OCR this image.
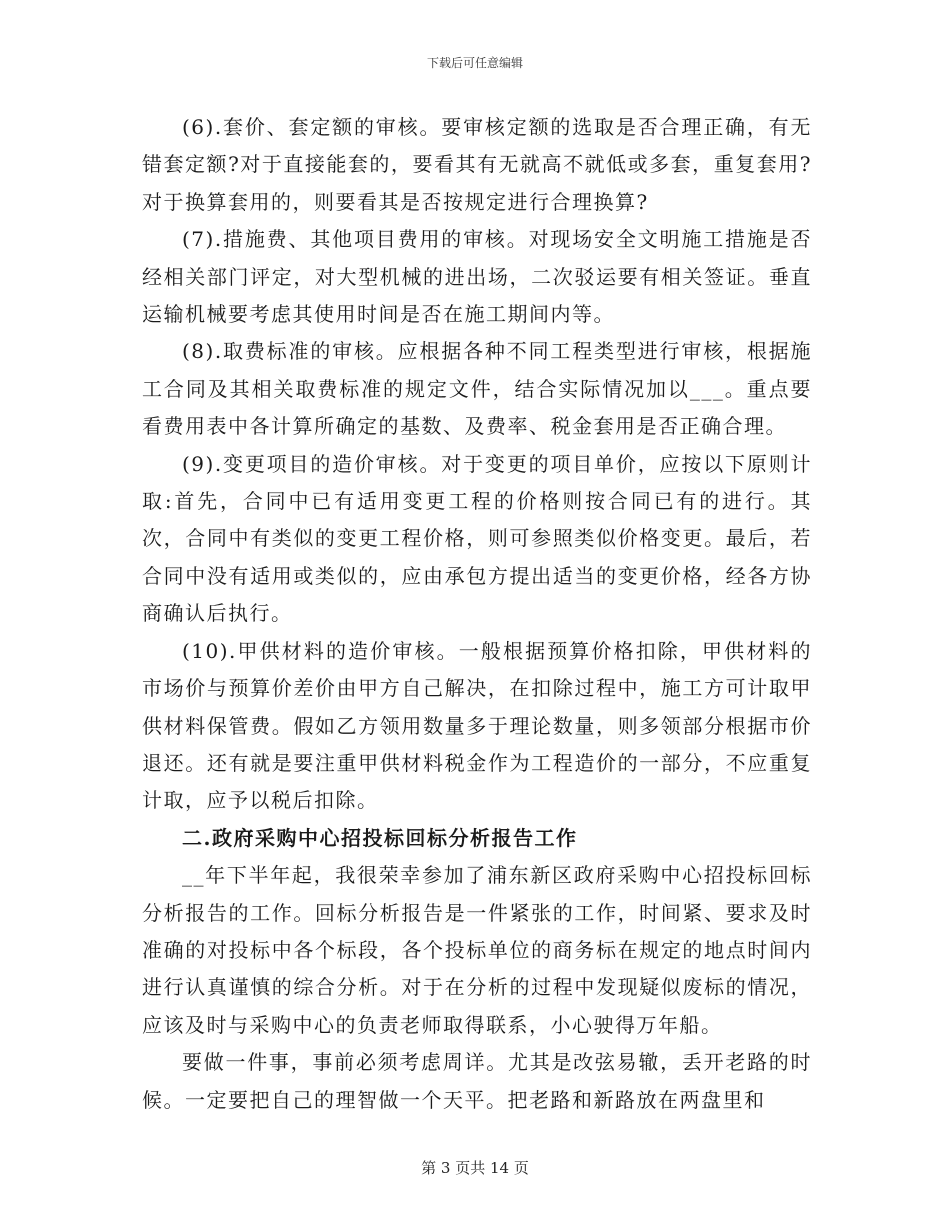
下载后可任意编辑

(6).套价、套定额的审核。要审核定额的选取是否合理正确，有无错套定额?对于直接能套的，要看其有无就高不就低或多套，重复套用?对于换算套用的，则要看其是否按规定进行合理换算?

(7).措施费、其他项目费用的审核。对现场安全文明施工措施是否经相关部门评定，对大型机械的进出场，二次驳运要有相关签证。垂直运输机械要考虑其使用时间是否在施工期间内等。

(8).取费标准的审核。应根据各种不同工程类型进行审核，根据施工合同及其相关取费标准的规定文件，结合实际情况加以___。重点要看费用表中各计算所确定的基数、及费率、税金套用是否正确合理。

(9).变更项目的造价审核。对于变更的项目单价，应按以下原则计取:首先，合同中已有适用变更工程的价格则按合同已有的进行。其次，合同中有类似的变更工程价格，则可参照类似价格变更。最后，若合同中没有适用或类似的，应由承包方提出适当的变更价格，经各方协商确认后执行。

(10).甲供材料的造价审核。一般根据预算价格扣除，甲供材料的市场价与预算价差价由甲方自己解决，在扣除过程中，施工方可计取甲供材料保管费。假如乙方领用数量多于理论数量，则多领部分根据市价退还。还有就是要注重甲供材料税金作为工程造价的一部分，不应重复计取，应予以税后扣除。

二.政府采购中心招投标回标分析报告工作

__年下半年起，我很荣幸参加了浦东新区政府采购中心招投标回标分析报告的工作。回标分析报告是一件紧张的工作，时间紧、要求及时准确的对投标中各个标段，各个投标单位的商务标在规定的地点时间内进行认真谨慎的综合分析。对于在分析的过程中发现疑似废标的情况，应该及时与采购中心的负责老师取得联系，小心驶得万年船。

要做一件事，事前必须考虑周详。尤其是改弦易辙，丢开老路的时候。一定要把自己的理智做一个天平。把老路和新路放在两盘里和

第 3 页共 14 页
